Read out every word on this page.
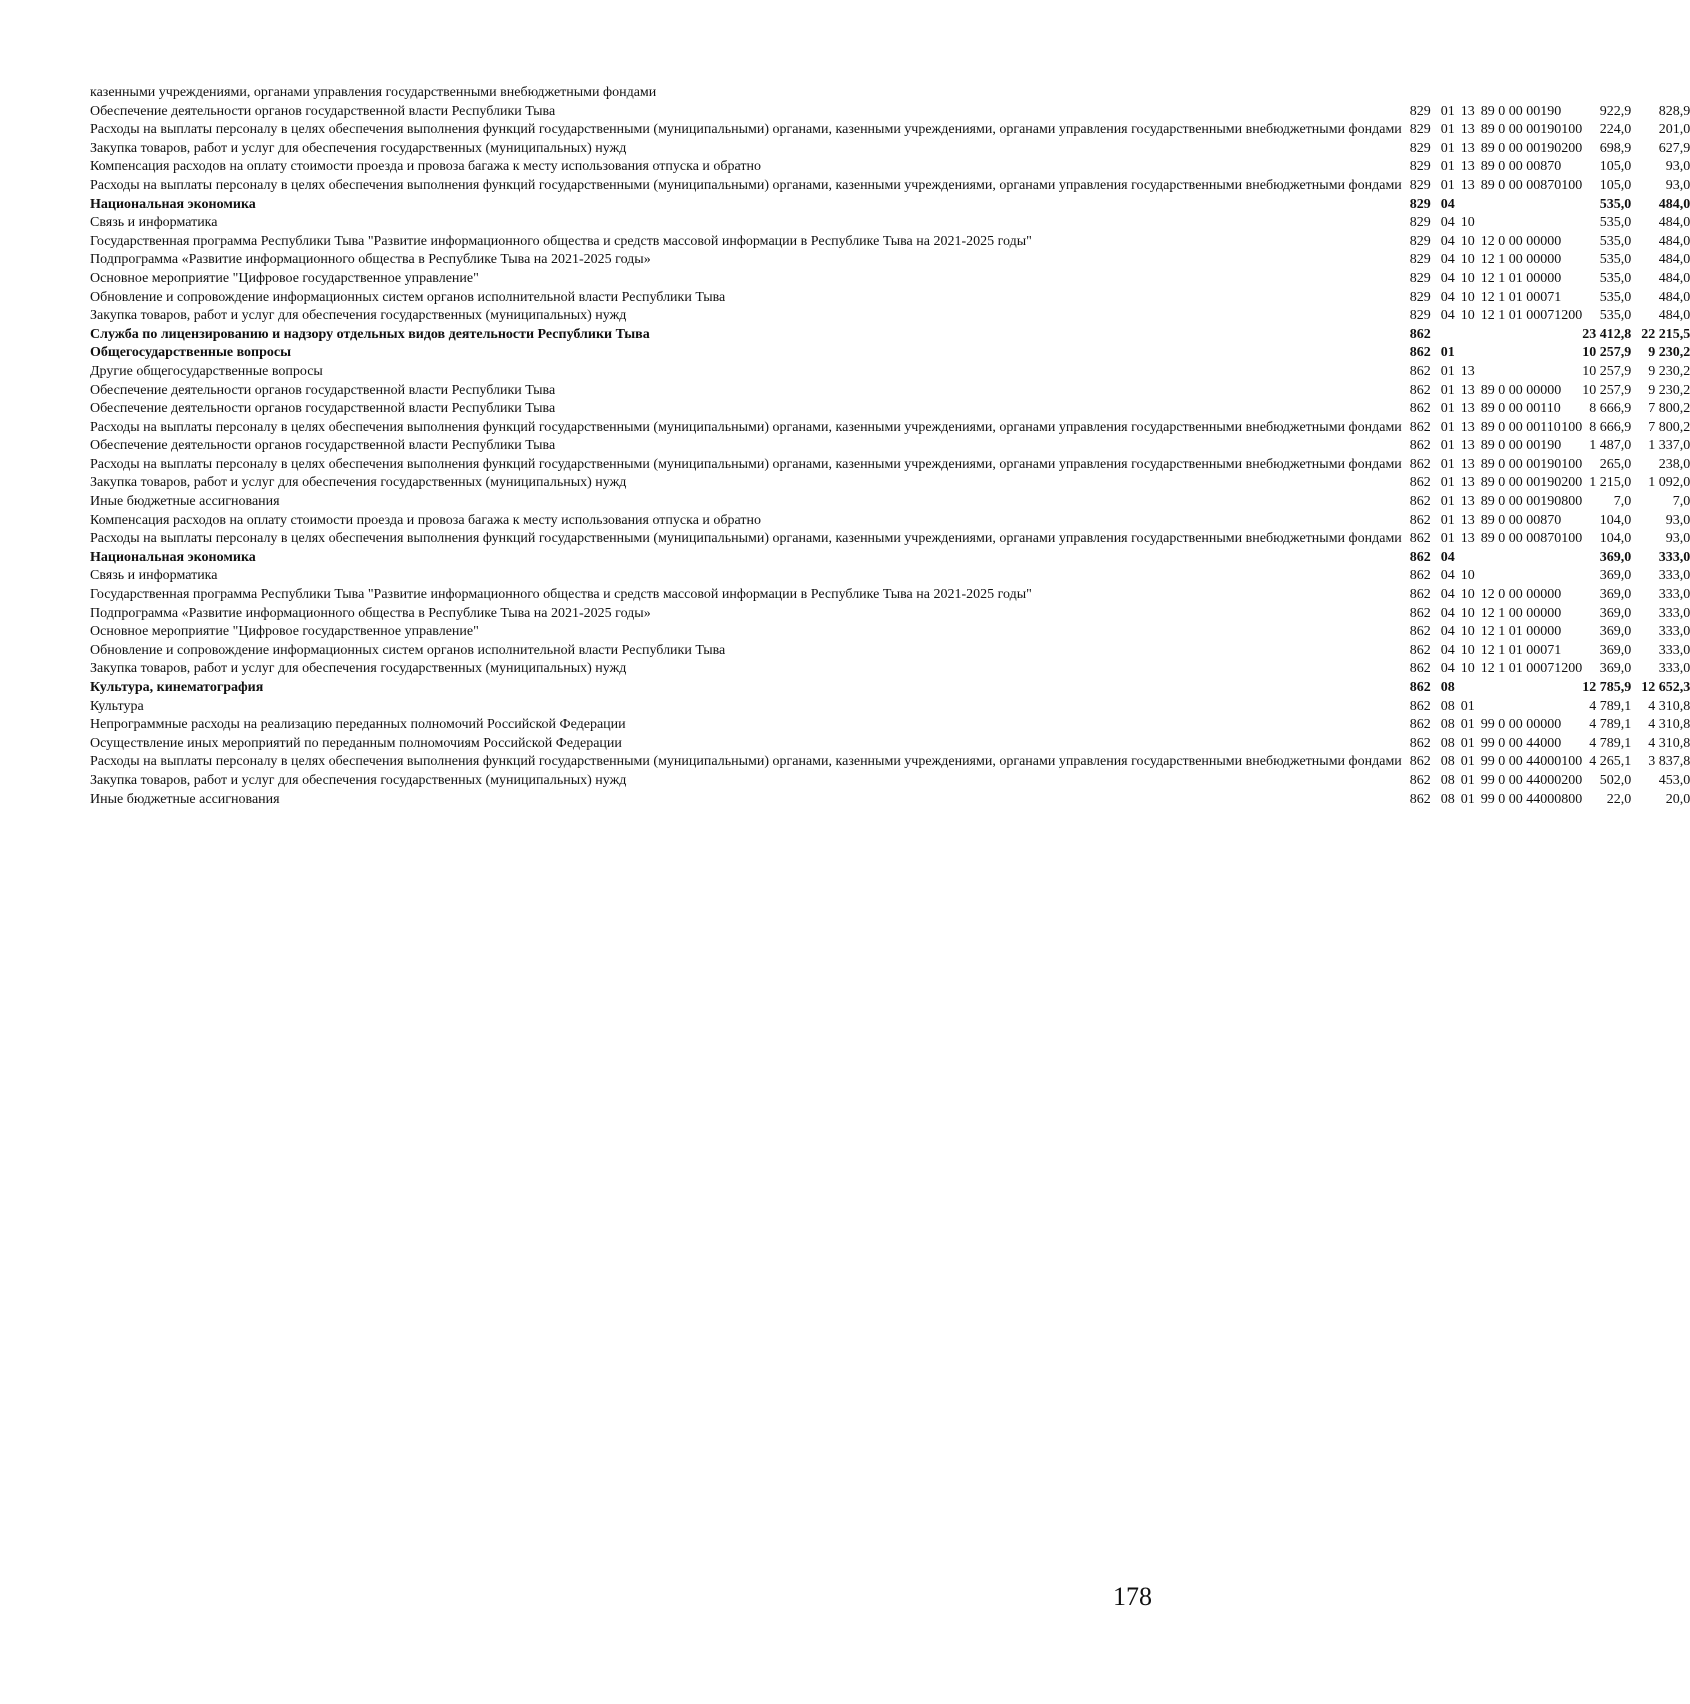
казенными учреждениями, органами управления государственными внебюджетными фондами							
Обеспечение деятельности органов государственной власти Республики Тыва	829	01	13	89 0 00 00190		922,9	828,9
Расходы на выплаты персоналу в целях обеспечения выполнения функций государственными (муниципальными) органами, казенными учреждениями, органами управления государственными внебюджетными фондами	829	01	13	89 0 00 00190	100	224,0	201,0
Закупка товаров, работ и услуг для обеспечения государственных (муниципальных) нужд	829	01	13	89 0 00 00190	200	698,9	627,9
Компенсация расходов на оплату стоимости проезда и провоза багажа к месту использования отпуска и обратно	829	01	13	89 0 00 00870		105,0	93,0
Расходы на выплаты персоналу в целях обеспечения выполнения функций государственными (муниципальными) органами, казенными учреждениями, органами управления государственными внебюджетными фондами	829	01	13	89 0 00 00870	100	105,0	93,0
Национальная экономика	829	04				535,0	484,0
Связь и информатика	829	04	10			535,0	484,0
Государственная программа Республики Тыва "Развитие информационного общества и средств массовой информации в Республике Тыва на 2021-2025 годы"	829	04	10	12 0 00 00000		535,0	484,0
Подпрограмма «Развитие информационного общества в Республике Тыва на 2021-2025 годы»	829	04	10	12 1 00 00000		535,0	484,0
Основное мероприятие "Цифровое государственное управление"	829	04	10	12 1 01 00000		535,0	484,0
Обновление и сопровождение информационных систем органов исполнительной власти Республики Тыва	829	04	10	12 1 01 00071		535,0	484,0
Закупка товаров, работ и услуг для обеспечения государственных (муниципальных) нужд	829	04	10	12 1 01 00071	200	535,0	484,0
Служба по лицензированию и надзору отдельных видов деятельности Республики Тыва	862					23 412,8	22 215,5
Общегосударственные вопросы	862	01				10 257,9	9 230,2
Другие общегосударственные вопросы	862	01	13			10 257,9	9 230,2
Обеспечение деятельности органов государственной власти Республики Тыва	862	01	13	89 0 00 00000		10 257,9	9 230,2
Обеспечение деятельности органов государственной власти Республики Тыва	862	01	13	89 0 00 00110		8 666,9	7 800,2
Расходы на выплаты персоналу в целях обеспечения выполнения функций государственными (муниципальными) органами, казенными учреждениями, органами управления государственными внебюджетными фондами	862	01	13	89 0 00 00110	100	8 666,9	7 800,2
Обеспечение деятельности органов государственной власти Республики Тыва	862	01	13	89 0 00 00190		1 487,0	1 337,0
Расходы на выплаты персоналу в целях обеспечения выполнения функций государственными (муниципальными) органами, казенными учреждениями, органами управления государственными внебюджетными фондами	862	01	13	89 0 00 00190	100	265,0	238,0
Закупка товаров, работ и услуг для обеспечения государственных (муниципальных) нужд	862	01	13	89 0 00 00190	200	1 215,0	1 092,0
Иные бюджетные ассигнования	862	01	13	89 0 00 00190	800	7,0	7,0
Компенсация расходов на оплату стоимости проезда и провоза багажа к месту использования отпуска и обратно	862	01	13	89 0 00 00870		104,0	93,0
Расходы на выплаты персоналу в целях обеспечения выполнения функций государственными (муниципальными) органами, казенными учреждениями, органами управления государственными внебюджетными фондами	862	01	13	89 0 00 00870	100	104,0	93,0
Национальная экономика	862	04				369,0	333,0
Связь и информатика	862	04	10			369,0	333,0
Государственная программа Республики Тыва "Развитие информационного общества и средств массовой информации в Республике Тыва на 2021-2025 годы"	862	04	10	12 0 00 00000		369,0	333,0
Подпрограмма «Развитие информационного общества в Республике Тыва на 2021-2025 годы»	862	04	10	12 1 00 00000		369,0	333,0
Основное мероприятие "Цифровое государственное управление"	862	04	10	12 1 01 00000		369,0	333,0
Обновление и сопровождение информационных систем органов исполнительной власти Республики Тыва	862	04	10	12 1 01 00071		369,0	333,0
Закупка товаров, работ и услуг для обеспечения государственных (муниципальных) нужд	862	04	10	12 1 01 00071	200	369,0	333,0
Культура, кинематография	862	08				12 785,9	12 652,3
Культура	862	08	01			4 789,1	4 310,8
Непрограммные расходы на реализацию переданных полномочий Российской Федерации	862	08	01	99 0 00 00000		4 789,1	4 310,8
Осуществление иных мероприятий по переданным полномочиям Российской Федерации	862	08	01	99 0 00 44000		4 789,1	4 310,8
Расходы на выплаты персоналу в целях обеспечения выполнения функций государственными (муниципальными) органами, казенными учреждениями, органами управления государственными внебюджетными фондами	862	08	01	99 0 00 44000	100	4 265,1	3 837,8
Закупка товаров, работ и услуг для обеспечения государственных (муниципальных) нужд	862	08	01	99 0 00 44000	200	502,0	453,0
Иные бюджетные ассигнования	862	08	01	99 0 00 44000	800	22,0	20,0
178
